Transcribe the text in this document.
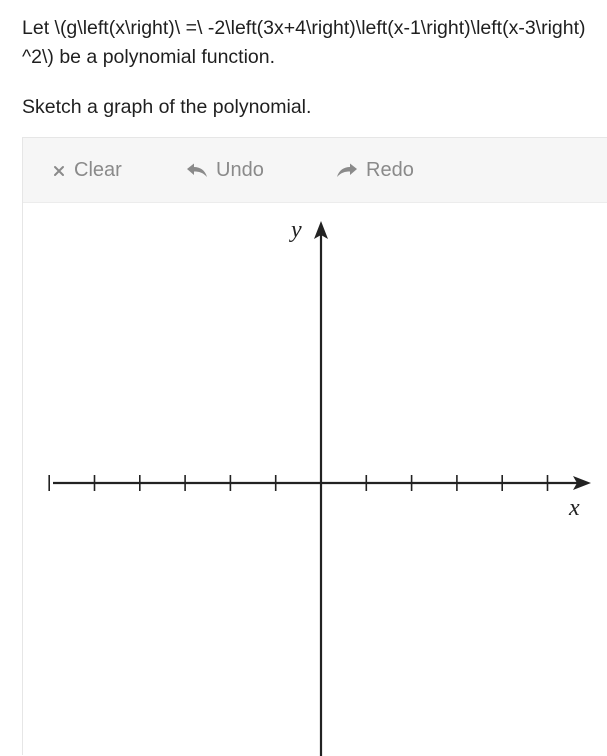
Let \(g\left(x\right)\ =\ -2\left(3x+4\right)\left(x-1\right)\left(x-3\right)^2\) be a polynomial function.

Sketch a graph of the polynomial.

Clear	Undo	Redo
y
x
